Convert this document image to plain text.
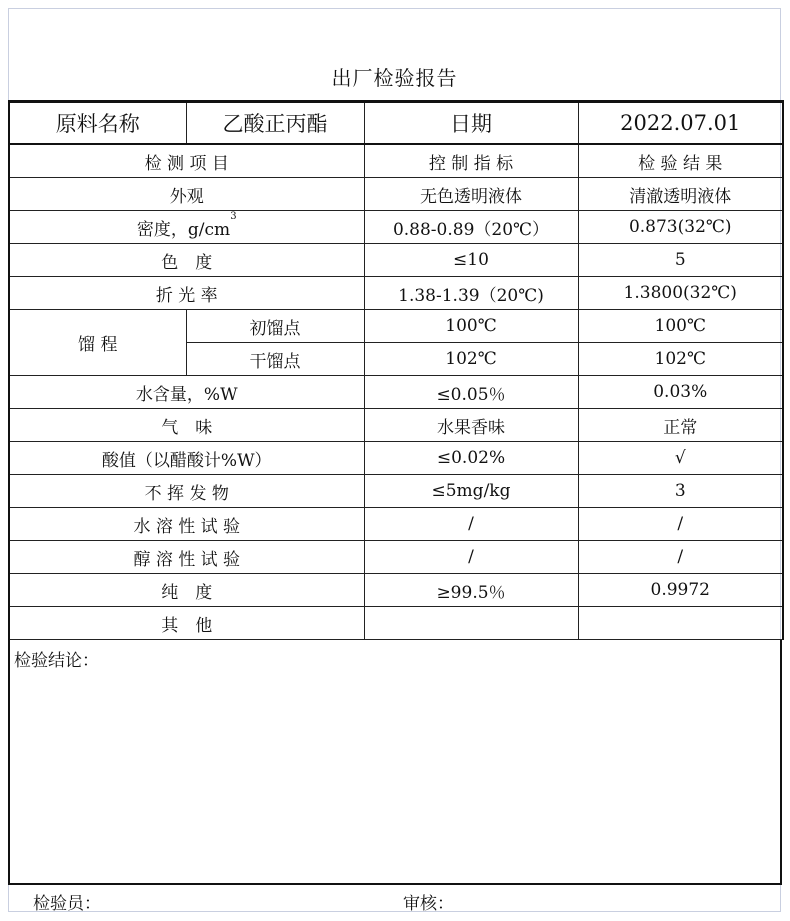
出厂检验报告
原料名称	乙酸正丙酯	日期	2022.07.01
检 测 项 目		控 制 指 标	检 验 结 果
外观		无色透明液体	清澈透明液体
密度，$g/cm^3$		0.88-0.89（20℃）	0.873(32℃)
色　度		≤10	5
折 光 率		1.38-1.39（20℃)	1.3800(32℃)
馏 程	初馏点	100℃	100℃
	干馏点	102℃	102℃
水含量，%W		≤0.05％	0.03%
气　味		水果香味	正常
酸值（以醋酸计%W）		≤0.02%	√
不 挥 发 物		≤5mg/kg	3
水 溶 性 试 验		/	/
醇 溶 性 试 验		/	/
纯　度		≥99.5％	0.9972
其　他			
检验结论：
检验员：	审核：
